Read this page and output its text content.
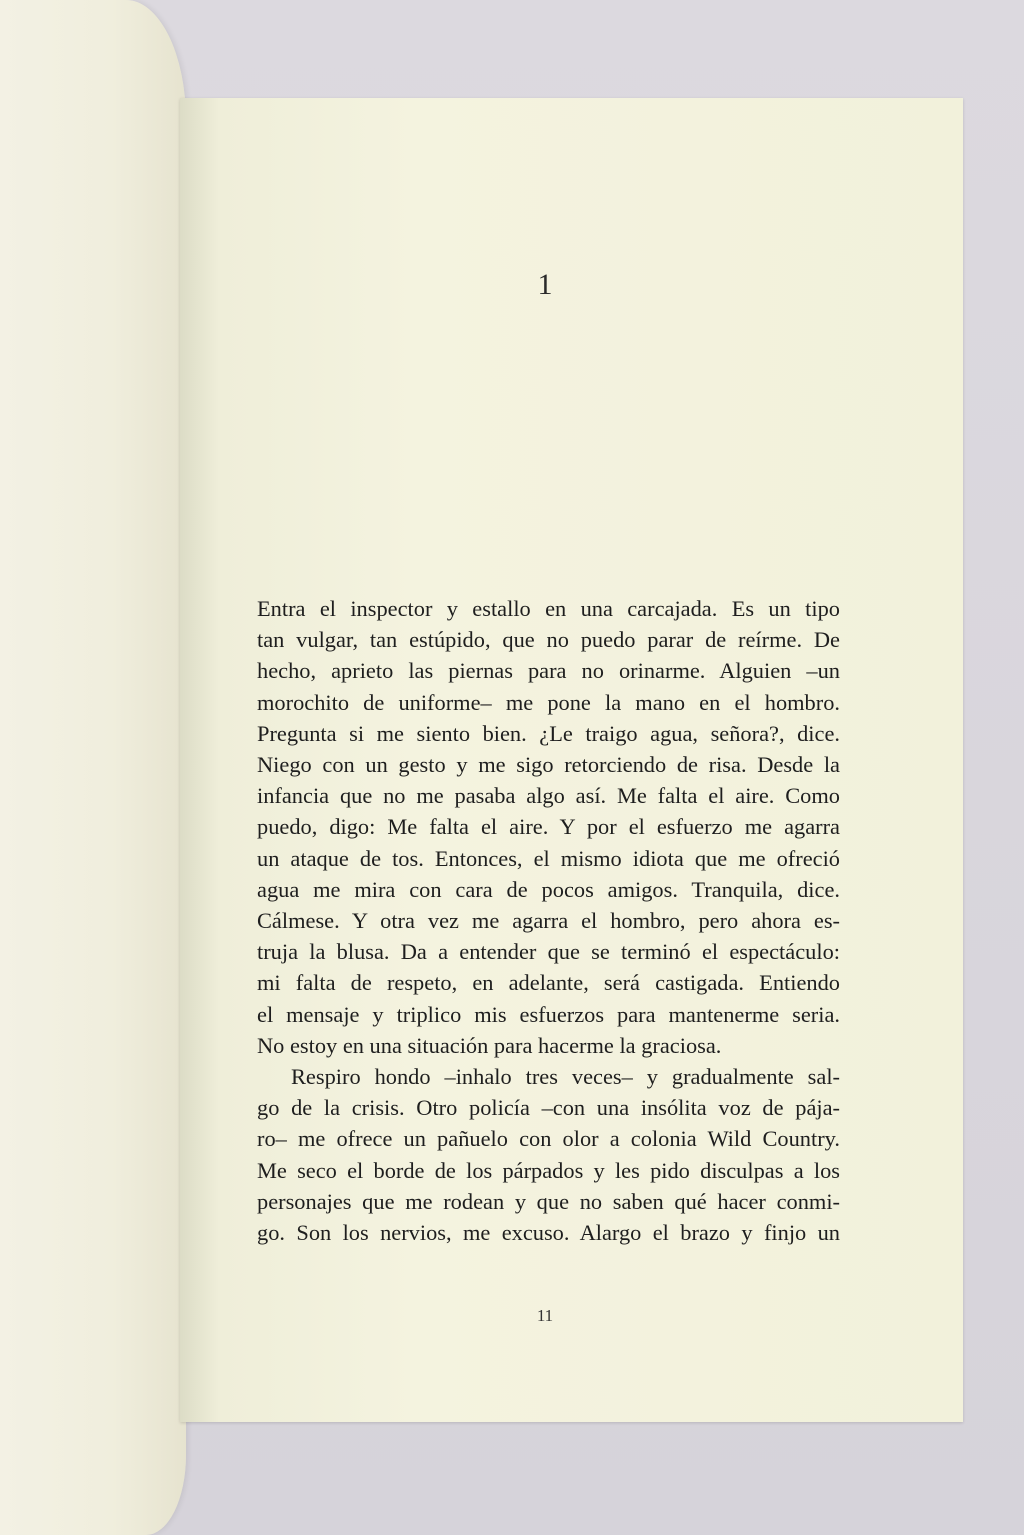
1
Entra el inspector y estallo en una carcajada. Es un tipo
tan vulgar, tan estúpido, que no puedo parar de reírme. De
hecho, aprieto las piernas para no orinarme. Alguien –un
morochito de uniforme– me pone la mano en el hombro.
Pregunta si me siento bien. ¿Le traigo agua, señora?, dice.
Niego con un gesto y me sigo retorciendo de risa. Desde la
infancia que no me pasaba algo así. Me falta el aire. Como
puedo, digo: Me falta el aire. Y por el esfuerzo me agarra
un ataque de tos. Entonces, el mismo idiota que me ofreció
agua me mira con cara de pocos amigos. Tranquila, dice.
Cálmese. Y otra vez me agarra el hombro, pero ahora es-
truja la blusa. Da a entender que se terminó el espectáculo:
mi falta de respeto, en adelante, será castigada. Entiendo
el mensaje y triplico mis esfuerzos para mantenerme seria.
No estoy en una situación para hacerme la graciosa.
Respiro hondo –inhalo tres veces– y gradualmente sal-
go de la crisis. Otro policía –con una insólita voz de pája-
ro– me ofrece un pañuelo con olor a colonia Wild Country.
Me seco el borde de los párpados y les pido disculpas a los
personajes que me rodean y que no saben qué hacer conmi-
go. Son los nervios, me excuso. Alargo el brazo y finjo un
11
